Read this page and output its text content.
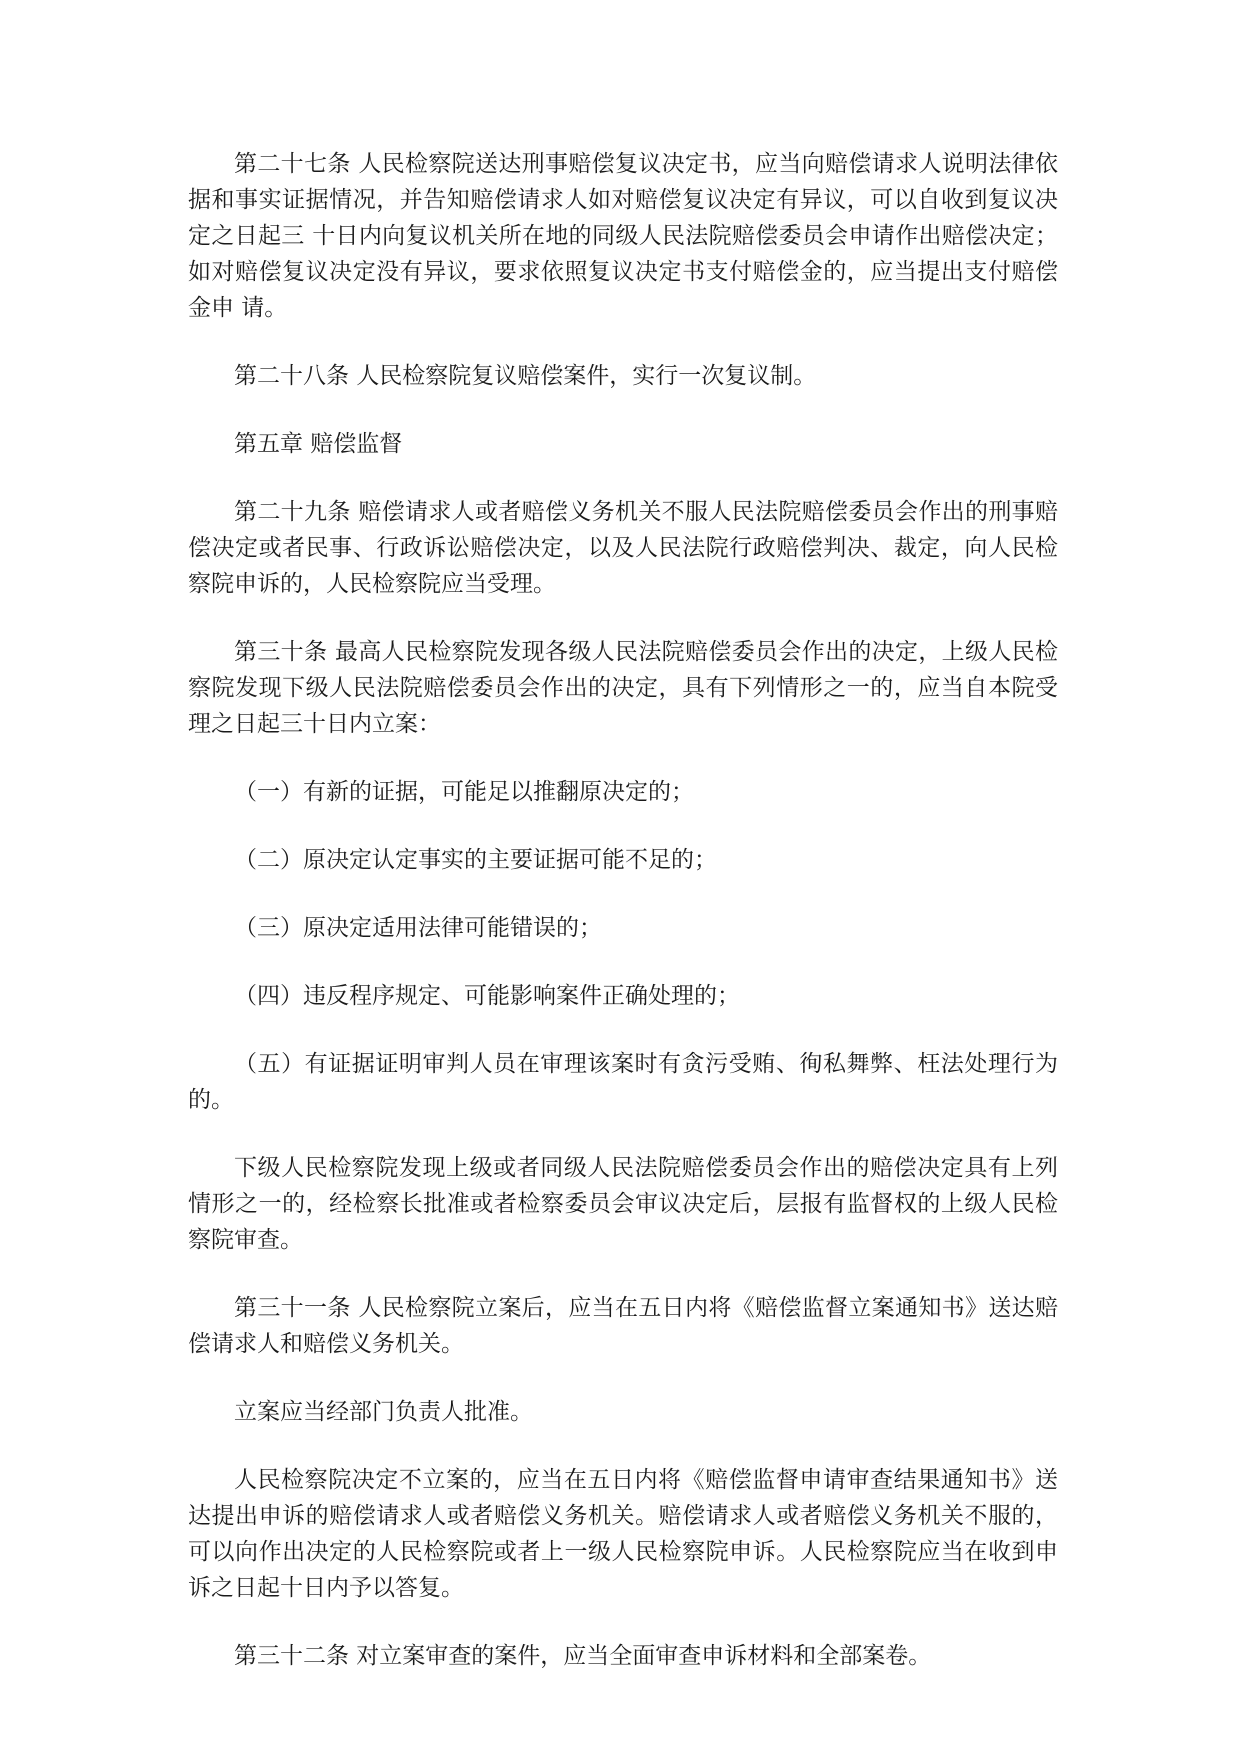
第二十七条 人民检察院送达刑事赔偿复议决定书，应当向赔偿请求人说明法律依据和事实证据情况，并告知赔偿请求人如对赔偿复议决定有异议，可以自收到复议决定之日起三 十日内向复议机关所在地的同级人民法院赔偿委员会申请作出赔偿决定；如对赔偿复议决定没有异议，要求依照复议决定书支付赔偿金的，应当提出支付赔偿金申 请。

第二十八条 人民检察院复议赔偿案件，实行一次复议制。

第五章 赔偿监督

第二十九条 赔偿请求人或者赔偿义务机关不服人民法院赔偿委员会作出的刑事赔偿决定或者民事、行政诉讼赔偿决定，以及人民法院行政赔偿判决、裁定，向人民检察院申诉的，人民检察院应当受理。

第三十条 最高人民检察院发现各级人民法院赔偿委员会作出的决定，上级人民检察院发现下级人民法院赔偿委员会作出的决定，具有下列情形之一的，应当自本院受理之日起三十日内立案：

（一）有新的证据，可能足以推翻原决定的；

（二）原决定认定事实的主要证据可能不足的；

（三）原决定适用法律可能错误的；

（四）违反程序规定、可能影响案件正确处理的；

（五）有证据证明审判人员在审理该案时有贪污受贿、徇私舞弊、枉法处理行为的。

下级人民检察院发现上级或者同级人民法院赔偿委员会作出的赔偿决定具有上列情形之一的，经检察长批准或者检察委员会审议决定后，层报有监督权的上级人民检察院审查。

第三十一条 人民检察院立案后，应当在五日内将《赔偿监督立案通知书》送达赔偿请求人和赔偿义务机关。

立案应当经部门负责人批准。

人民检察院决定不立案的，应当在五日内将《赔偿监督申请审查结果通知书》送达提出申诉的赔偿请求人或者赔偿义务机关。赔偿请求人或者赔偿义务机关不服的，可以向作出决定的人民检察院或者上一级人民检察院申诉。人民检察院应当在收到申诉之日起十日内予以答复。

第三十二条 对立案审查的案件，应当全面审查申诉材料和全部案卷。
